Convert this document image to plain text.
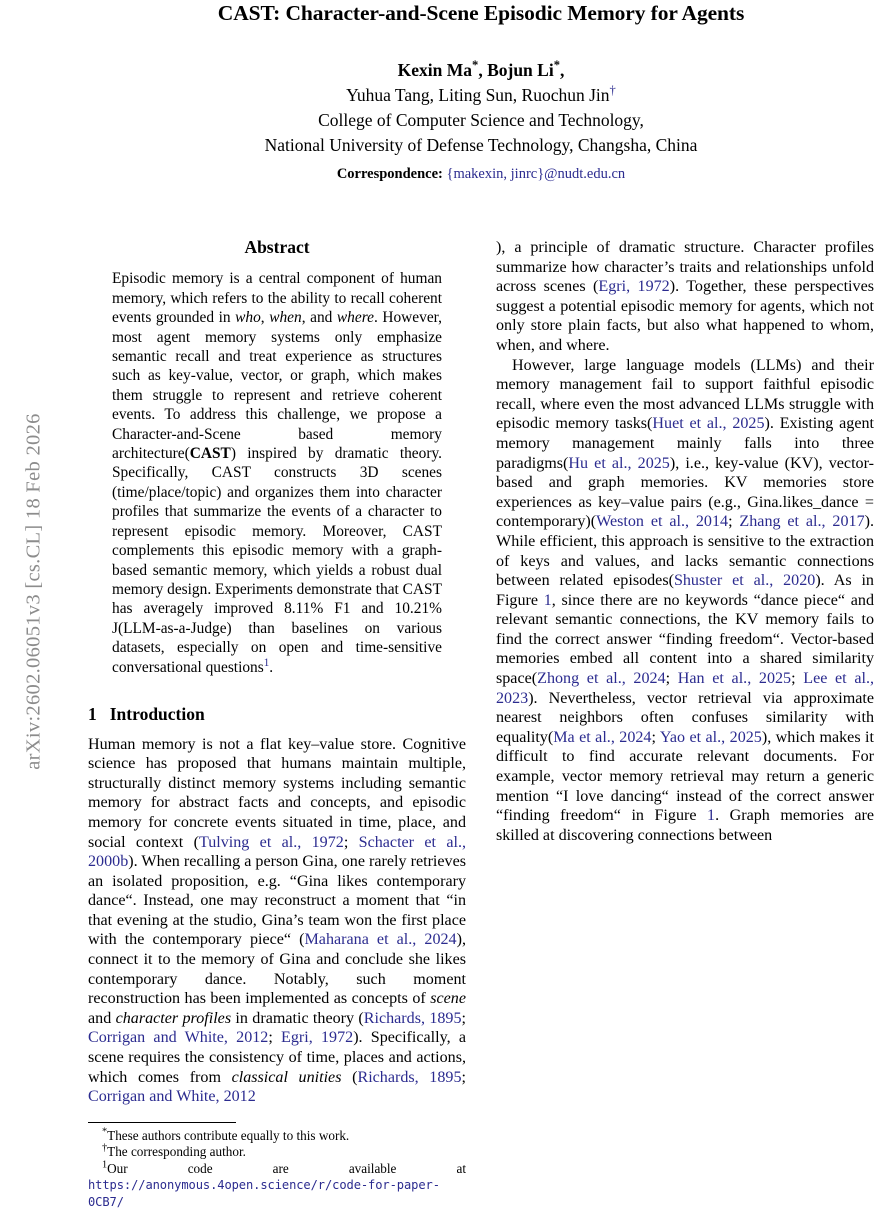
arXiv:2602.06051v3 [cs.CL] 18 Feb 2026
CAST: Character-and-Scene Episodic Memory for Agents
Kexin Ma*, Bojun Li*,
Yuhua Tang, Liting Sun, Ruochun Jin†
College of Computer Science and Technology,
National University of Defense Technology, Changsha, China
Correspondence: {makexin, jinrc}@nudt.edu.cn
Abstract
Episodic memory is a central component of human memory, which refers to the ability to recall coherent events grounded in who, when, and where. However, most agent memory systems only emphasize semantic recall and treat experience as structures such as key-value, vector, or graph, which makes them struggle to represent and retrieve coherent events. To address this challenge, we propose a Character-and-Scene based memory architecture(CAST) inspired by dramatic theory. Specifically, CAST constructs 3D scenes (time/place/topic) and organizes them into character profiles that summarize the events of a character to represent episodic memory. Moreover, CAST complements this episodic memory with a graph-based semantic memory, which yields a robust dual memory design. Experiments demonstrate that CAST has averagely improved 8.11% F1 and 10.21% J(LLM-as-a-Judge) than baselines on various datasets, especially on open and time-sensitive conversational questions$^1$.
1 Introduction

Human memory is not a flat key–value store. Cognitive science has proposed that humans maintain multiple, structurally distinct memory systems including semantic memory for abstract facts and concepts, and episodic memory for concrete events situated in time, place, and social context (Tulving et al., 1972; Schacter et al., 2000b). When recalling a person Gina, one rarely retrieves an isolated proposition, e.g. “Gina likes contemporary dance“. Instead, one may reconstruct a moment that “in that evening at the studio, Gina’s team won the first place with the contemporary piece“ (Maharana et al., 2024), connect it to the memory of Gina and conclude she likes contemporary dance. Notably, such moment reconstruction has been implemented as concepts of scene and character profiles in dramatic theory (Richards, 1895; Corrigan and White, 2012; Egri, 1972). Specifically, a scene requires the consistency of time, places and actions, which comes from classical unities (Richards, 1895; Corrigan and White, 2012

), a principle of dramatic structure. Character profiles summarize how character’s traits and relationships unfold across scenes (Egri, 1972). Together, these perspectives suggest a potential episodic memory for agents, which not only store plain facts, but also what happened to whom, when, and where.

However, large language models (LLMs) and their memory management fail to support faithful episodic recall, where even the most advanced LLMs struggle with episodic memory tasks(Huet et al., 2025). Existing agent memory management mainly falls into three paradigms(Hu et al., 2025), i.e., key-value (KV), vector-based and graph memories. KV memories store experiences as key–value pairs (e.g., Gina.likes_dance = contemporary)(Weston et al., 2014; Zhang et al., 2017). While efficient, this approach is sensitive to the extraction of keys and values, and lacks semantic connections between related episodes(Shuster et al., 2020). As in Figure 1, since there are no keywords “dance piece“ and relevant semantic connections, the KV memory fails to find the correct answer “finding freedom“. Vector-based memories embed all content into a shared similarity space(Zhong et al., 2024; Han et al., 2025; Lee et al., 2023). Nevertheless, vector retrieval via approximate nearest neighbors often confuses similarity with equality(Ma et al., 2024; Yao et al., 2025), which makes it difficult to find accurate relevant documents. For example, vector memory retrieval may return a generic mention “I love dancing“ instead of the correct answer “finding freedom“ in Figure 1. Graph memories are skilled at discovering connections between

*These authors contribute equally to this work.

†The corresponding author.

$^1$Our code are available at https://anonymous.4open.science/r/code-for-paper-0CB7/
